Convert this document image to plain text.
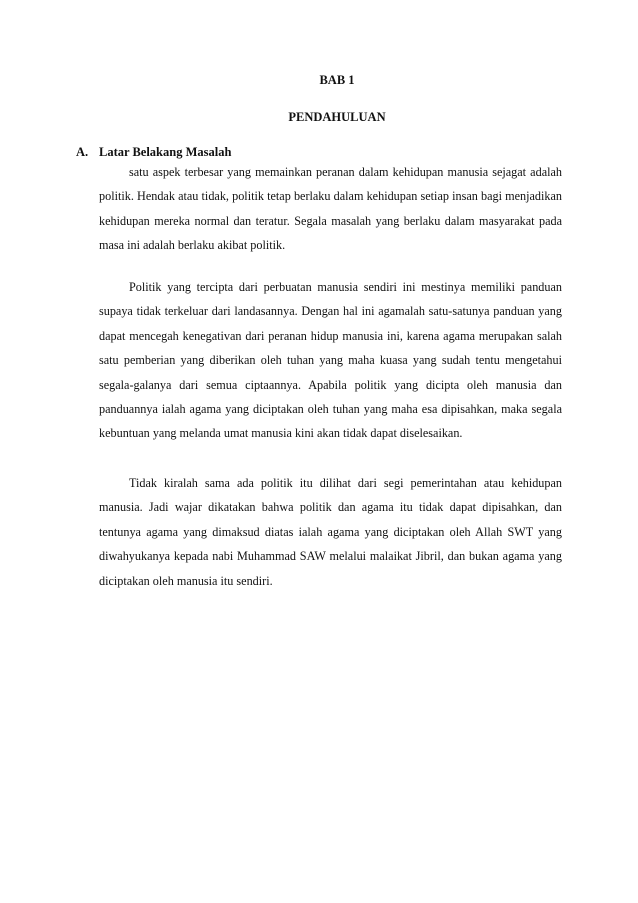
BAB 1
PENDAHULUAN
A. Latar Belakang Masalah

satu aspek terbesar yang memainkan peranan dalam kehidupan manusia sejagat adalah politik. Hendak atau tidak, politik tetap berlaku dalam kehidupan setiap insan bagi menjadikan kehidupan mereka normal dan teratur. Segala masalah yang berlaku dalam masyarakat pada masa ini adalah berlaku akibat politik.

Politik yang tercipta dari perbuatan manusia sendiri ini mestinya memiliki panduan supaya tidak terkeluar dari landasannya. Dengan hal ini agamalah satu-satunya panduan yang dapat mencegah kenegativan dari peranan hidup manusia ini, karena agama merupakan salah satu pemberian yang diberikan oleh tuhan yang maha kuasa yang sudah tentu mengetahui segala-galanya dari semua ciptaannya. Apabila politik yang dicipta oleh manusia dan panduannya ialah agama yang diciptakan oleh tuhan yang maha esa dipisahkan, maka segala kebuntuan yang melanda umat manusia kini akan tidak dapat diselesaikan.

Tidak kiralah sama ada politik itu dilihat dari segi pemerintahan atau kehidupan manusia. Jadi wajar dikatakan bahwa politik dan agama itu tidak dapat dipisahkan, dan tentunya agama yang dimaksud diatas ialah agama yang diciptakan oleh Allah SWT yang diwahyukanya kepada nabi Muhammad SAW melalui malaikat Jibril, dan bukan agama yang diciptakan oleh manusia itu sendiri.
